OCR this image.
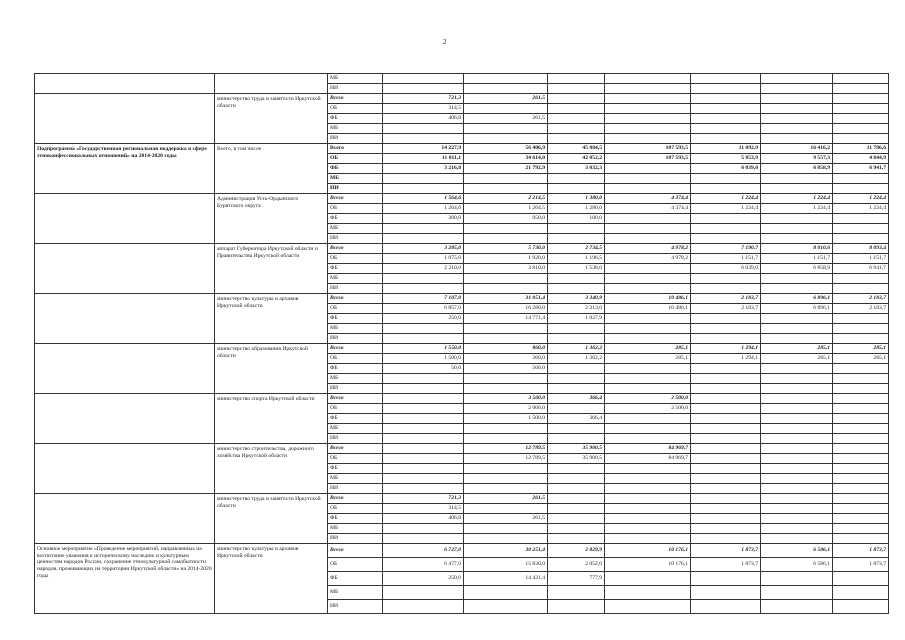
2
		МБ							
		ИИ							
	министерство труда и занятости Иркутской области	Всего	721,3	261,5					
		ОБ	314,5						
		ФБ	406,8	261,5					
		МБ							
		ИИ							
Подпрограмма «Государственная региональная поддержка в сфере этноконфессиональных отношений» на 2014-2020 годы	Всего, в том числе	Всего	14 227,9	56 406,9	45 084,5	107 593,5	11 892,9	16 416,2	11 786,6
		ОБ	11 011,1	34 614,0	42 052,2	107 593,5	5 853,9	9 557,3	4 844,9
		ФБ	3 216,8	21 792,9	3 032,3		6 039,0	6 858,9	6 941,7
		МБ							
		ИИ							
	Администрация Усть-Ордынского Бурятского округа	Всего	1 564,6	2 214,5	1 380,0	4 374,4	1 224,4	1 224,4	1 224,4
		ОБ	1 264,6	1 264,5	1 280,0	4 374,4	1 224,4	1 224,4	1 224,4
		ФБ	300,0	950,0	100,0				
		МБ							
		ИИ							
	аппарат Губернатора Иркутской области и Правительства Иркутской области	Всего	3 285,0	5 730,0	2 734,5	4 978,2	7 190,7	8 010,6	8 093,4
		ОБ	1 075,0	1 920,0	1 196,5	4 978,2	1 151,7	1 151,7	1 151,7
		ФБ	2 210,0	3 810,0	1 538,0		6 039,0	6 858,9	6 941,7
		МБ							
		ИИ							
	министерство культуры и архивов Иркутской области	Всего	7 107,0	31 051,4	3 340,9	10 486,1	2 183,7	6 896,1	2 183,7
		ОБ	6 857,0	16 280,0	2 313,0	10 486,1	2 183,7	6 896,1	2 183,7
		ФБ	250,0	14 771,4	1 027,9				
		МБ							
		ИИ							
	министерство образования Иркутской области	Всего	1 550,0	860,0	1 362,2	285,1	1 294,1	285,1	285,1
		ОБ	1 500,0	360,0	1 362,2	285,1	1 294,1	285,1	285,1
		ФБ	50,0	500,0					
		МБ							
		ИИ							
	министерство спорта Иркутской области	Всего		3 500,0	366,4	2 500,0			
		ОБ		2 000,0		2 500,0			
		ФБ		1 500,0	366,4				
		МБ							
		ИИ							
	министерство строительства, дорожного хозяйства Иркутской области	Всего		12 789,5	35 900,5	84 969,7			
		ОБ		12 789,5	35 900,5	84 969,7			
		ФБ							
		МБ							
		ИИ							
	министерство труда и занятости Иркутской области	Всего	721,3	261,5					
		ОБ	314,5						
		ФБ	406,8	261,5					
		МБ							
		ИИ							
Основное мероприятие «Проведение мероприятий, направленных на воспитание уважения к историческому наследию и культурным ценностям народов России, сохранение этнокультурной самобытности народов, проживающих на территории Иркутской области» на 2014-2020 годы	министерство культуры и архивов Иркутской области	Всего	6 727,0	30 251,4	2 829,9	10 176,1	1 873,7	6 586,1	1 873,7
		ОБ	6 477,0	15 830,0	2 052,0	10 176,1	1 873,7	6 586,1	1 873,7
		ФБ	250,0	14 421,4	777,9				
		МБ							
		ИИ							
